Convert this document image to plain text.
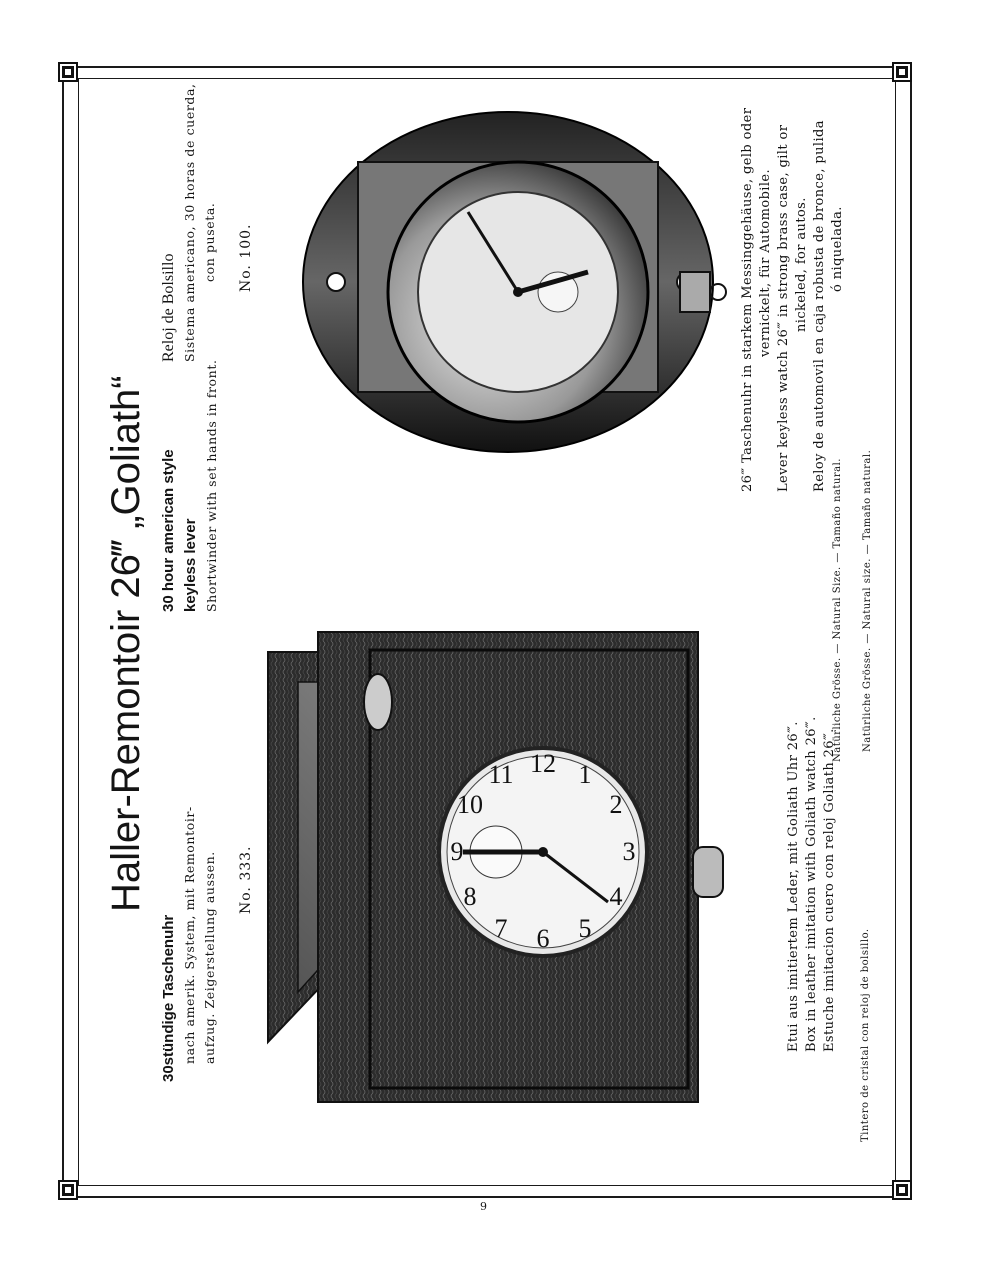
Haller-Remontoir 26‴ „Goliath“
30stündige Taschenuhr nach amerik. System, mit Remontoir- aufzug. Zeigerstellung aussen. No. 333.
30 hour american style keyless lever Shortwinder with set hands in front.
Reloj de Bolsillo Sistema americano, 30 horas de cuerda, con puseta. No. 100.
12 1
2
3
4
5
6
7
8
9
10
11	Etui aus imitiertem Leder, mit Goliath Uhr 26‴. Box in leather imitation with Goliath watch 26‴. Estuche imitacion cuero con reloj Goliath 26‴.
26‴ Taschenuhr in starkem Messinggehäuse, gelb oder vernickelt, für Automobile. Lever keyless watch 26‴ in strong brass case, gilt or nickeled, for autos. Reloy de automovil en caja robusta de bronce, pulida ó niquelada.
Tintero de cristal con reloj de bolsillo.
Natürliche Grösse. — Natural Size. — Tamaño natural. Natürliche Grösse. — Natural size. — Tamaño natural.
9
